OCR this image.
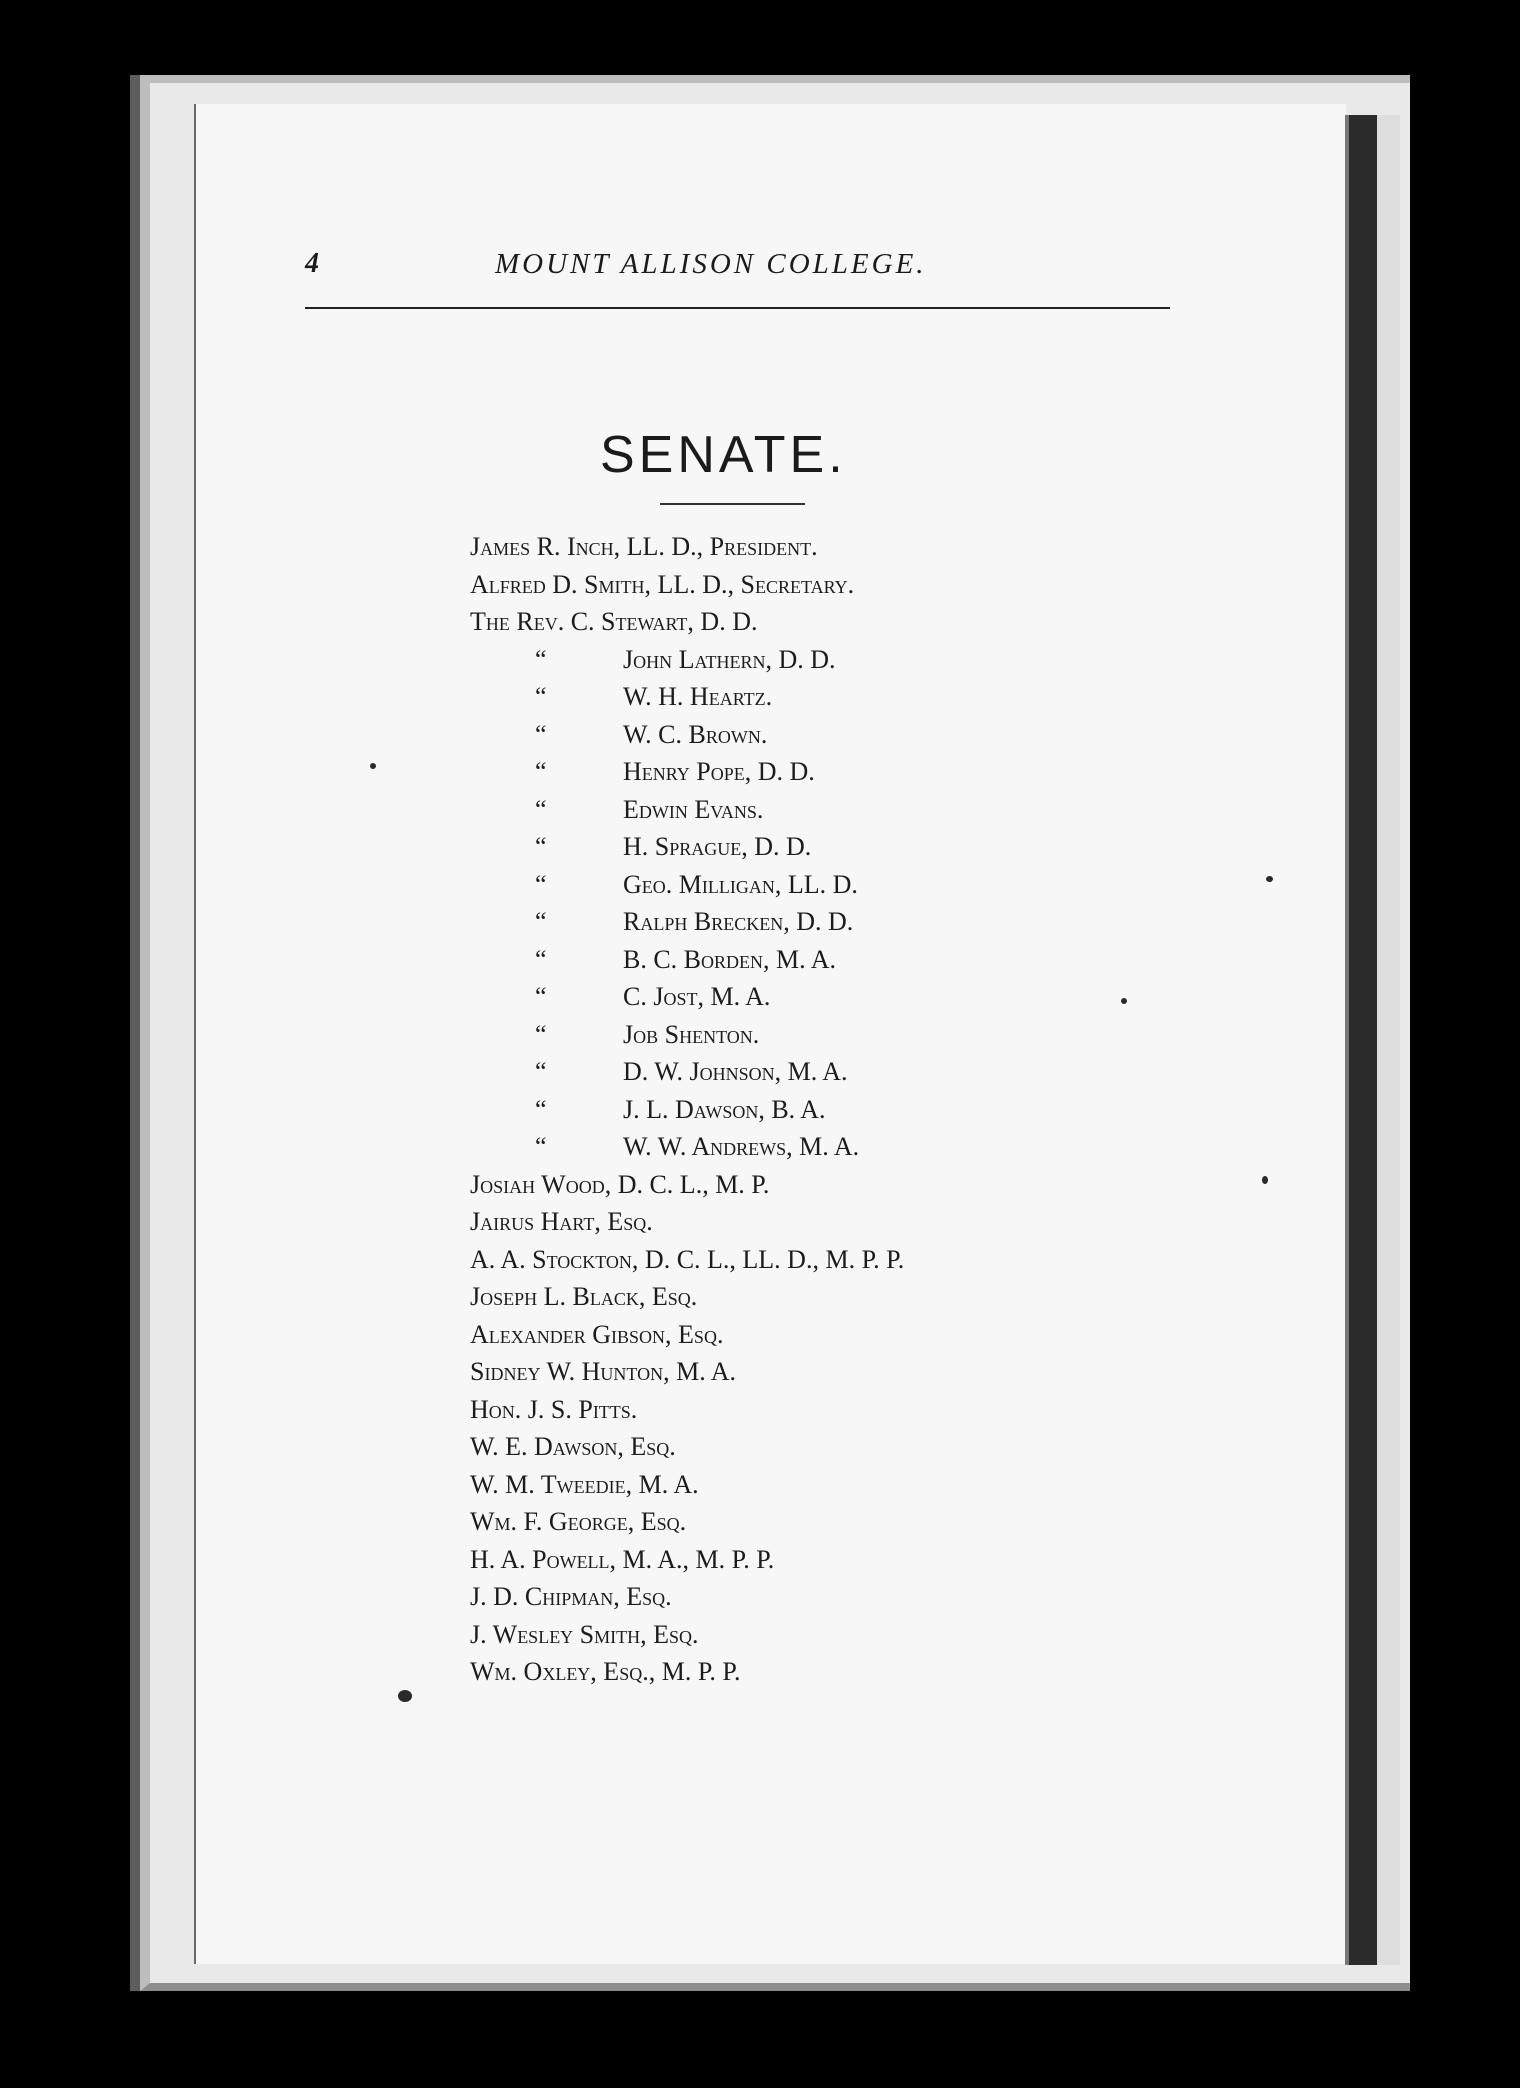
4	MOUNT ALLISON COLLEGE.
SENATE.
James R. Inch, LL. D., President.
Alfred D. Smith, LL. D., Secretary.
The Rev. C. Stewart, D. D.
“	John Lathern, D. D.
“	W. H. Heartz.
“	W. C. Brown.
“	Henry Pope, D. D.
“	Edwin Evans.
“	H. Sprague, D. D.
“	Geo. Milligan, LL. D.
“	Ralph Brecken, D. D.
“	B. C. Borden, M. A.
“	C. Jost, M. A.
“	Job Shenton.
“	D. W. Johnson, M. A.
“	J. L. Dawson, B. A.
“	W. W. Andrews, M. A.
Josiah Wood, D. C. L., M. P.
Jairus Hart, Esq.
A. A. Stockton, D. C. L., LL. D., M. P. P.
Joseph L. Black, Esq.
Alexander Gibson, Esq.
Sidney W. Hunton, M. A.
Hon. J. S. Pitts.
W. E. Dawson, Esq.
W. M. Tweedie, M. A.
Wm. F. George, Esq.
H. A. Powell, M. A., M. P. P.
J. D. Chipman, Esq.
J. Wesley Smith, Esq.
Wm. Oxley, Esq., M. P. P.
